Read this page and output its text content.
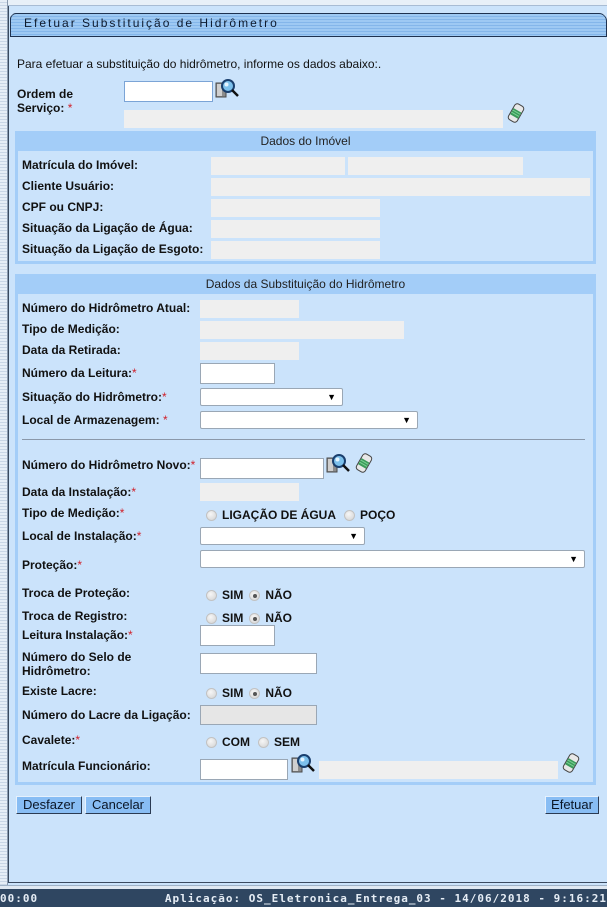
Efetuar Substituição de Hidrômetro
Para efetuar a substituição do hidrômetro, informe os dados abaixo:.
Ordem de
Serviço: *
Dados do Imóvel
Matrícula do Imóvel:
Cliente Usuário:
CPF ou CNPJ:
Situação da Ligação de Água:
Situação da Ligação de Esgoto:
Dados da Substituição do Hidrômetro
Número do Hidrômetro Atual:
Tipo de Medição:
Data da Retirada:
Número da Leitura:*
Situação do Hidrômetro:*	▼
Local de Armazenagem: *	▼
Número do Hidrômetro Novo:*
Data da Instalação:*
Tipo de Medição:*	LIGAÇÃO DE ÁGUA POÇO
Local de Instalação:*	▼
Proteção:*	▼
Troca de Proteção:	SIM NÃO
Troca de Registro:	SIM NÃO
Leitura Instalação:*
Número do Selo de
Hidrômetro:
Existe Lacre:	SIM NÃO
Número do Lacre da Ligação:
Cavalete:*	COM SEM
Matrícula Funcionário:
Desfazer	Cancelar	Efetuar
00:00	Aplicação: OS_Eletronica_Entrega_03 - 14/06/2018 - 9:16:21
